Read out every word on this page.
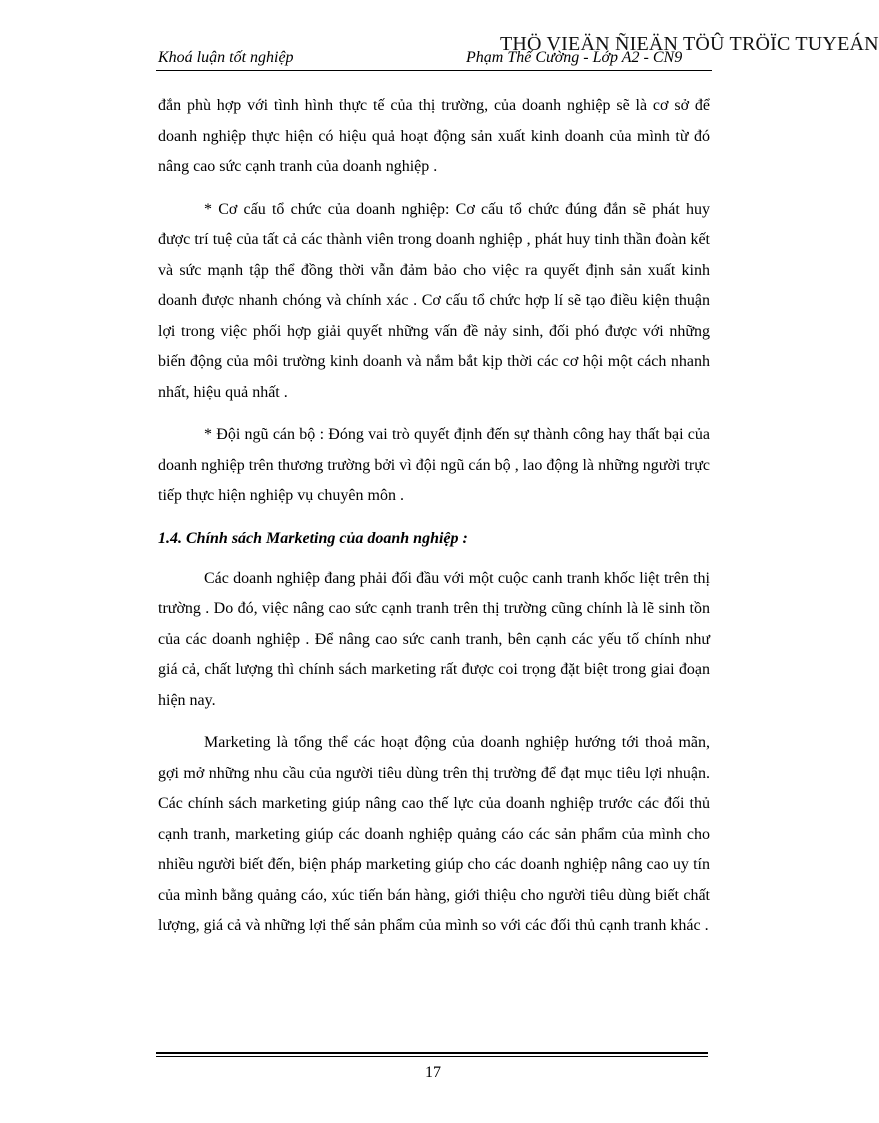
THÖ VIEÄN ÑIEÄN TÖÛ TRÖÏC TUYEÁN
Khoá luận tốt nghiệp	Phạm Thế Cường - Lớp A2 - CN9

đắn phù hợp với tình hình thực tế của thị trường, của doanh nghiệp sẽ là cơ sở để doanh nghiệp thực hiện có hiệu quả hoạt động sản xuất kinh doanh của mình từ đó nâng cao sức cạnh tranh của doanh nghiệp .

* Cơ cấu tổ chức của doanh nghiệp: Cơ cấu tổ chức đúng đắn sẽ phát huy được trí tuệ của tất cả các thành viên trong doanh nghiệp , phát huy tinh thần đoàn kết và sức mạnh tập thể đồng thời vẫn đảm bảo cho việc ra quyết định sản xuất kinh doanh được nhanh chóng và chính xác . Cơ cấu tổ chức hợp lí sẽ tạo điều kiện thuận lợi trong việc phối hợp giải quyết những vấn đề nảy sinh, đối phó được với những biến động của môi trường kinh doanh và nắm bắt kịp thời các cơ hội một cách nhanh nhất, hiệu quả nhất .

* Đội ngũ cán bộ : Đóng vai trò quyết định đến sự thành công hay thất bại của doanh nghiệp trên thương trường bởi vì đội ngũ cán bộ , lao động là những người trực tiếp thực hiện nghiệp vụ chuyên môn .

1.4. Chính sách Marketing của doanh nghiệp :

Các doanh nghiệp đang phải đối đầu với một cuộc canh tranh khốc liệt trên thị trường . Do đó, việc nâng cao sức cạnh tranh trên thị trường cũng chính là lẽ sinh tồn của các doanh nghiệp . Để nâng cao sức canh tranh, bên cạnh các yếu tố chính như giá cả, chất lượng thì chính sách marketing rất được coi trọng đặt biệt trong giai đoạn hiện nay.

Marketing là tổng thể các hoạt động của doanh nghiệp hướng tới thoả mãn, gợi mở những nhu cầu của người tiêu dùng trên thị trường để đạt mục tiêu lợi nhuận. Các chính sách marketing giúp nâng cao thế lực của doanh nghiệp trước các đối thủ cạnh tranh, marketing giúp các doanh nghiệp quảng cáo các sản phẩm của mình cho nhiều người biết đến, biện pháp marketing giúp cho các doanh nghiệp nâng cao uy tín của mình bằng quảng cáo, xúc tiến bán hàng, giới thiệu cho người tiêu dùng biết chất lượng, giá cả và những lợi thế sản phẩm của mình so với các đối thủ cạnh tranh khác .

17
